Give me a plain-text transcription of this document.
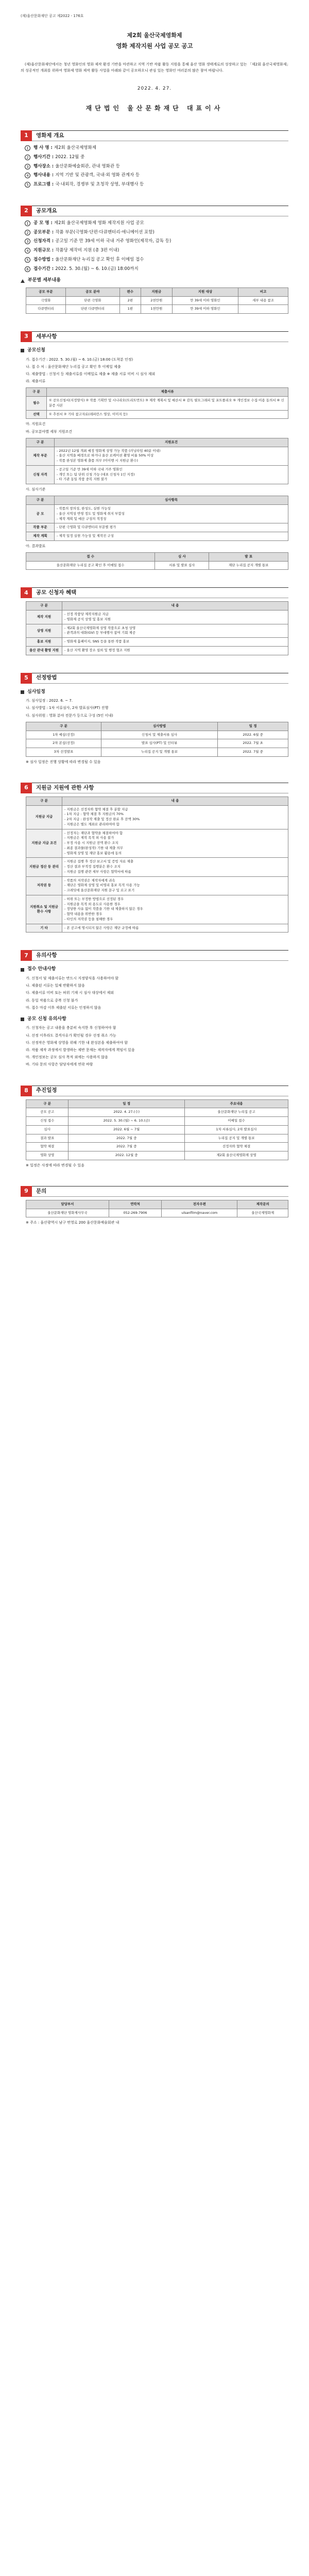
(재)울산문화재단 공고 제2022 - 176호
제2회 울산국제영화제
영화 제작지원 사업 공모 공고
(재)울산문화재단에서는 청년 영화인의 영화 제작 환경 기반을 마련하고 지역 기반 작품 활동 지원을 통해 울산 영화 생태계로의 성장하고 있는 「제2회 울산국제영화제」의 성공적인 개최를 위하여 영화제 영화 제작 활동 사업을 아래와 같이 공모하오니 관심 있는 영화인 여러분의 많은 참여 바랍니다.
2022. 4. 27.
재단법인 울산문화재단 대표이사
1	영화제 개요
1	행 사 명 : 제2회 울산국제영화제
2	행사기간 : 2022. 12월 중
3	행사장소 : 울산문화예술회관, 관내 영화관 등
4	행사내용 : 지역 기반 및 관광객, 국내·외 영화 관계자 등
5	프로그램 : 국·내외작, 경쟁부 및 초청작 상영, 부대행사 등
2	공모개요
1	공 모 명 : 제2회 울산국제영화제 영화 제작지원 사업 공모
2	공모부문 : 작품 부문(극영화·단편·다큐멘터리·애니메이션 포함)
3	신청자격 : 공고일 기준 만 39세 이하 국내 거주 영화인(제작자, 감독 등)
4	지원규모 : 작품당 제작비 지원 (총 3편 이내)
5	접수방법 : 울산문화재단 누리집 공고 확인 후 이메일 접수
6	접수기간 : 2022. 5. 30.(월) ~ 6. 10.(금) 18:00까지
부문별 세부내용
공모 부문	공모 분야	편수	지원금	지원 대상	비고
극영화	단편 극영화	2편	2천만원	만 39세 이하 영화인	세부 내용 참조
다큐멘터리	단편 다큐멘터리	1편	1천만원	만 39세 이하 영화인	
3	세부사항
공모신청

가. 접수기간 : 2022. 5. 30.(월) ~ 6. 10.(금) 18:00 (도착분 인정)

나. 접 수 처 : 울산문화재단 누리집 공고 확인 후 이메일 제출

다. 제출방법 : 신청서 등 제출서류를 이메일로 제출 ※ 제출 서류 미비 시 심사 제외

라. 제출서류

구 분	제출서류
필수	① 공모신청서(지정양식) ② 작품 기획안 및 시나리오(트리트먼트) ③ 제작 계획서 및 예산서 ④ 감독 필모그래피 및 포트폴리오 ⑤ 개인정보 수집·이용 동의서 ⑥ 신분증 사본
선택	① 추천서 ② 기타 참고자료(레퍼런스 영상, 이미지 등)

마. 지원요건

바. 공모분야별 세부 지원조건

구 분	지원요건
제작 부문	- 2022년 12월 개최 예정 영화제 상영 가능 작품 (러닝타임 40분 이내)
- 울산 지역을 배경으로 하거나 울산 로케이션 촬영 비율 50% 이상
- 작품 완성본 영화제 출품 의무 (미이행 시 지원금 환수)
신청 자격	- 공고일 기준 만 39세 이하 국내 거주 영화인
- 개인 또는 팀 단위 신청 가능 (대표 신청자 1인 지정)
- 타 기관 동일 작품 중복 지원 불가

사. 심사기준

구 분	심사항목
공 모	- 작품의 창의성, 완성도, 실현 가능성
- 울산 지역성 반영 정도 및 영화제 취지 부합성
- 제작 계획 및 예산 구성의 적정성
작품 부문	- 단편 극영화 및 다큐멘터리 부문별 평가
제작 계획	- 제작 일정 실현 가능성 및 제작진 구성

아. 결과발표

접 수	심 사	발 표
울산문화재단 누리집 공고 확인 후 이메일 접수	서류 및 발표 심사	재단 누리집 공지 개별 통보
4	공모 신청자 혜택
구 분	내 용
제작 지원	- 선정 작품당 제작지원금 지급
- 영화제 공식 상영 및 홍보 지원
상영 지원	- 제2회 울산국제영화제 상영 작품으로 초청 상영
- 관객과의 대화(GV) 등 부대행사 참여 기회 제공
홍보 지원	- 영화제 홈페이지, SNS 등을 통한 작품 홍보
울산 관내 촬영 지원	- 울산 지역 촬영 장소 섭외 및 행정 협조 지원
5	선정방법
심사일정

가. 심사일정 : 2022. 6. ~ 7.

나. 심사방법 : 1차 서류심사, 2차 발표심사(PT) 진행

다. 심사위원 : 영화 분야 전문가 등으로 구성 (5인 이내)

구 분	심사방법	일 정
1차 예심(선정)	신청서 및 제출서류 심사	2022. 6월 중
2차 본심(선정)	발표 심사(PT) 및 인터뷰	2022. 7월 초
3차 선정발표	누리집 공지 및 개별 통보	2022. 7월 중

※ 심사 일정은 진행 상황에 따라 변경될 수 있음

6	지원금 지원에 관한 사항
구 분	내 용
지원금 지급	- 지원금은 선정자와 협약 체결 후 분할 지급
- 1차 지급 : 협약 체결 후 지원금의 70%
- 2차 지급 : 완성작 제출 및 정산 완료 후 잔액 30%
- 지원금은 별도 계좌로 관리하여야 함
지원금 지급 조건	- 선정자는 재단과 협약을 체결하여야 함
- 지원금은 제작 목적 외 사용 불가
- 부정 사용 시 지원금 전액 환수 조치
- 최종 결과물(완성작) 기한 내 제출 의무
- 영화제 상영 및 재단 홍보 활용에 동의
지원금 정산 등 관리	- 지원금 집행 후 정산 보고서 및 증빙 자료 제출
- 정산 결과 부적정 집행분은 환수 조치
- 지원금 집행 관련 세부 사항은 협약서에 따름
저작권 등	- 작품의 저작권은 제작자에게 귀속
- 재단은 영화제 상영 및 비영리 홍보 목적 사용 가능
- 크레딧에 울산문화재단 지원 문구 및 로고 표기
지원취소 및 지원금 환수 사항	- 허위 또는 부정한 방법으로 선정된 경우
- 지원금을 목적 외 용도로 사용한 경우
- 정당한 사유 없이 작품을 기한 내 제출하지 않은 경우
- 협약 내용을 위반한 경우
- 타인의 저작권 등을 침해한 경우
기 타	- 본 공고에 명시되지 않은 사항은 재단 규정에 따름
7	유의사항
접수 안내사항

가. 신청서 및 제출서류는 반드시 지정양식을 사용하여야 함

나. 제출된 서류는 일체 반환하지 않음

다. 제출서류 미비 또는 허위 기재 시 심사 대상에서 제외

라. 동일 작품으로 중복 신청 불가

마. 접수 마감 이후 제출된 서류는 인정하지 않음

공모 신청 유의사항

가. 신청자는 공고 내용을 충분히 숙지한 후 신청하여야 함

나. 선정 이후라도 결격사유가 확인될 경우 선정 취소 가능

다. 선정작은 영화제 상영을 위해 기한 내 완성본을 제출하여야 함

라. 작품 제작 과정에서 발생하는 제반 문제는 제작자에게 책임이 있음

마. 개인정보는 공모 심사 목적 외에는 사용하지 않음

바. 기타 문의 사항은 담당자에게 연락 바람

8	추진일정
구 분	일 정	주요내용
공모 공고	2022. 4. 27.(수)	울산문화재단 누리집 공고
신청 접수	2022. 5. 30.(월) ~ 6. 10.(금)	이메일 접수
심사	2022. 6월 ~ 7월	1차 서류심사, 2차 발표심사
결과 발표	2022. 7월 중	누리집 공지 및 개별 통보
협약 체결	2022. 7월 중	선정자와 협약 체결
영화 상영	2022. 12월 중	제2회 울산국제영화제 상영

※ 일정은 사정에 따라 변경될 수 있음

9	문의
담당부서	연락처	전자우편	제작문의
울산문화재단 영화제사무국	052-269-7906	ulsanfilm@naver.com	울산국제영화제

※ 주소 : 울산광역시 남구 번영로 200 울산문화예술회관 내
